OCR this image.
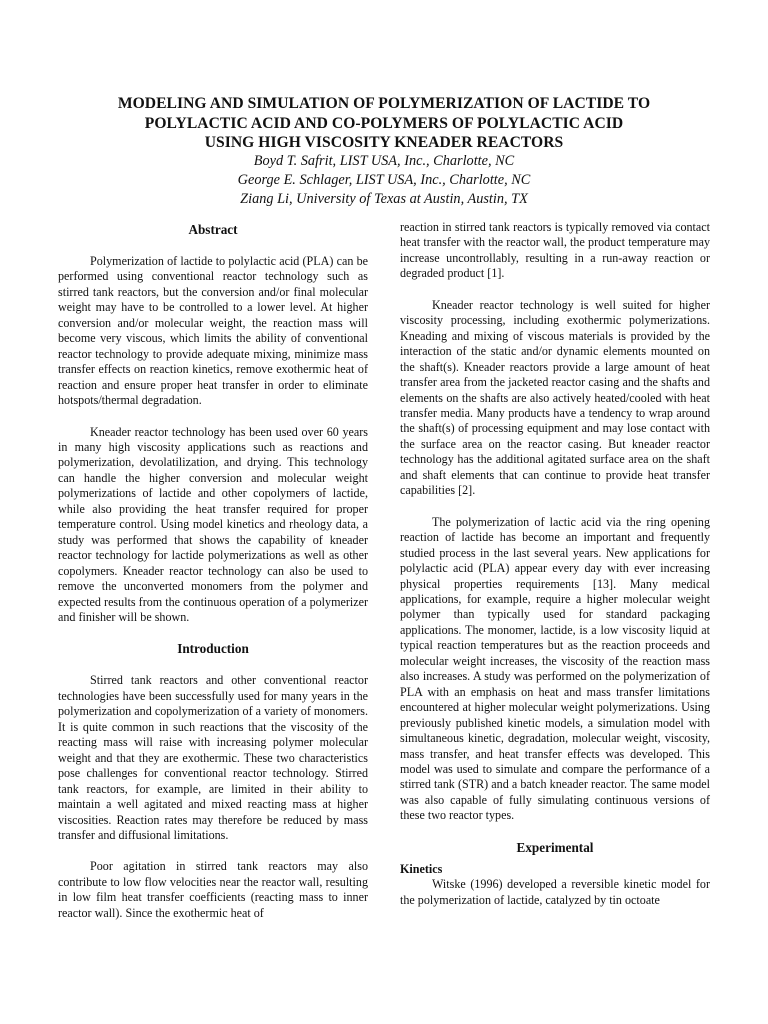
MODELING AND SIMULATION OF POLYMERIZATION OF LACTIDE TO
POLYLACTIC ACID AND CO-POLYMERS OF POLYLACTIC ACID
USING HIGH VISCOSITY KNEADER REACTORS
Boyd T. Safrit, LIST USA, Inc., Charlotte, NC
George E. Schlager, LIST USA, Inc., Charlotte, NC
Ziang Li, University of Texas at Austin, Austin, TX
Abstract

Polymerization of lactide to polylactic acid (PLA) can be performed using conventional reactor technology such as stirred tank reactors, but the conversion and/or final molecular weight may have to be controlled to a lower level. At higher conversion and/or molecular weight, the reaction mass will become very viscous, which limits the ability of conventional reactor technology to provide adequate mixing, minimize mass transfer effects on reaction kinetics, remove exothermic heat of reaction and ensure proper heat transfer in order to eliminate hotspots/thermal degradation.

Kneader reactor technology has been used over 60 years in many high viscosity applications such as reactions and polymerization, devolatilization, and drying. This technology can handle the higher conversion and molecular weight polymerizations of lactide and other copolymers of lactide, while also providing the heat transfer required for proper temperature control. Using model kinetics and rheology data, a study was performed that shows the capability of kneader reactor technology for lactide polymerizations as well as other copolymers. Kneader reactor technology can also be used to remove the unconverted monomers from the polymer and expected results from the continuous operation of a polymerizer and finisher will be shown.

Introduction

Stirred tank reactors and other conventional reactor technologies have been successfully used for many years in the polymerization and copolymerization of a variety of monomers. It is quite common in such reactions that the viscosity of the reacting mass will raise with increasing polymer molecular weight and that they are exothermic. These two characteristics pose challenges for conventional reactor technology. Stirred tank reactors, for example, are limited in their ability to maintain a well agitated and mixed reacting mass at higher viscosities. Reaction rates may therefore be reduced by mass transfer and diffusional limitations.

Poor agitation in stirred tank reactors may also contribute to low flow velocities near the reactor wall, resulting in low film heat transfer coefficients (reacting mass to inner reactor wall). Since the exothermic heat of

reaction in stirred tank reactors is typically removed via contact heat transfer with the reactor wall, the product temperature may increase uncontrollably, resulting in a run-away reaction or degraded product [1].

Kneader reactor technology is well suited for higher viscosity processing, including exothermic polymerizations. Kneading and mixing of viscous materials is provided by the interaction of the static and/or dynamic elements mounted on the shaft(s). Kneader reactors provide a large amount of heat transfer area from the jacketed reactor casing and the shafts and elements on the shafts are also actively heated/cooled with heat transfer media. Many products have a tendency to wrap around the shaft(s) of processing equipment and may lose contact with the surface area on the reactor casing. But kneader reactor technology has the additional agitated surface area on the shaft and shaft elements that can continue to provide heat transfer capabilities [2].

The polymerization of lactic acid via the ring opening reaction of lactide has become an important and frequently studied process in the last several years. New applications for polylactic acid (PLA) appear every day with ever increasing physical properties requirements [13]. Many medical applications, for example, require a higher molecular weight polymer than typically used for standard packaging applications. The monomer, lactide, is a low viscosity liquid at typical reaction temperatures but as the reaction proceeds and molecular weight increases, the viscosity of the reaction mass also increases. A study was performed on the polymerization of PLA with an emphasis on heat and mass transfer limitations encountered at higher molecular weight polymerizations. Using previously published kinetic models, a simulation model with simultaneous kinetic, degradation, molecular weight, viscosity, mass transfer, and heat transfer effects was developed. This model was used to simulate and compare the performance of a stirred tank (STR) and a batch kneader reactor. The same model was also capable of fully simulating continuous versions of these two reactor types.

Experimental
Kinetics

Witske (1996) developed a reversible kinetic model for the polymerization of lactide, catalyzed by tin octoate
